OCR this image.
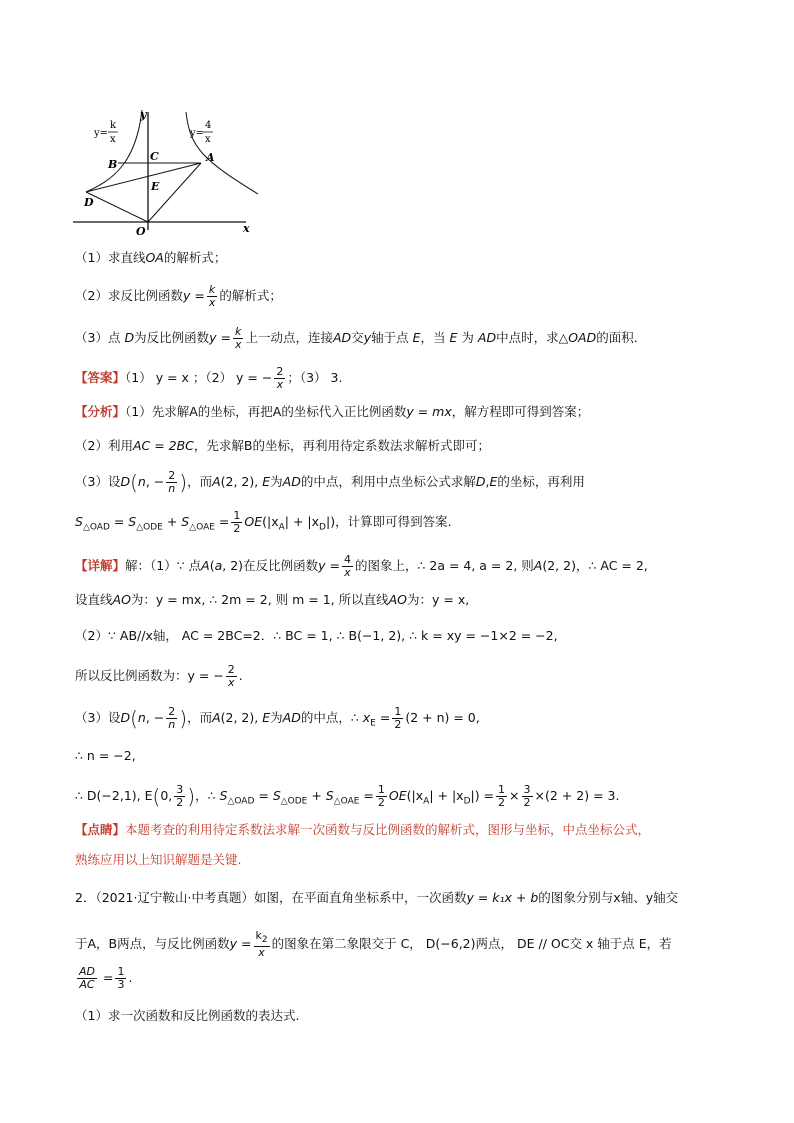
y
x
O
A
B
C
D
E
y=
k
x
y=
4
x
（1）求直线OA的解析式；
（2）求反比例函数$y = \frac{k}{x}$ 的解析式；
（3）点 D为反比例函数$y = \frac{k}{x}$ 上一动点，连接AD交y轴于点 E，当 E 为 AD中点时，求△OAD的面积．
【答案】（1） y = x ；（2） y = − $\frac{2}{x}$ ；（3） 3.
【分析】（1）先求解A的坐标，再把A的坐标代入正比例函数y = mx，解方程即可得到答案；
（2）利用AC = 2BC，先求解B的坐标，再利用待定系数法求解析式即可；
（3）设D(n, − $\frac{2}{n}$ )，而A(2, 2), E为AD的中点，利用中点坐标公式求解D,E的坐标，再利用
$S_{\triangle OAD} = S_{\triangle ODE} + S_{\triangle OAE} = \frac{1}{2} OE(|x_A| + |x_D|)$，计算即可得到答案.
【详解】解：（1）∵ 点A(a, 2)在反比例函数$y = \frac{4}{x}$ 的图象上，∴ 2a = 4, a = 2, 则A(2, 2)，∴ AC = 2,
设直线AO为：y = mx, ∴ 2m = 2, 则 m = 1, 所以直线AO为：y = x,
（2）∵ AB//x轴， AC = 2BC=2．∴ BC = 1, ∴ B(−1, 2), ∴ k = xy = −1×2 = −2,
所以反比例函数为：y = − $\frac{2}{x}$ .
（3）设D(n, − $\frac{2}{n}$ )，而A(2, 2), E为AD的中点，∴ $x_E = \frac{1}{2} (2 + n) = 0$,
∴ n = −2,
∴ D(−2,1), E(0, $\frac{3}{2}$ )，∴ $S_{\triangle OAD} = S_{\triangle ODE} + S_{\triangle OAE} = \frac{1}{2} OE(|x_A| + |x_D|) = \frac{1}{2} \times \frac{3}{2} \times(2 + 2) = 3$.
【点睛】本题考查的利用待定系数法求解一次函数与反比例函数的解析式，图形与坐标，中点坐标公式，
熟练应用以上知识解题是关键.
2．（2021·辽宁鞍山·中考真题）如图，在平面直角坐标系中，一次函数y = k₁x + b的图象分别与x轴、y轴交
于A，B两点，与反比例函数$y = \frac{k_2}{x}$ 的图象在第二象限交于 C， D(−6,2)两点， DE // OC交 x 轴于点 E，若
$\frac{AD}{AC} = \frac{1}{3}$ .
（1）求一次函数和反比例函数的表达式.
